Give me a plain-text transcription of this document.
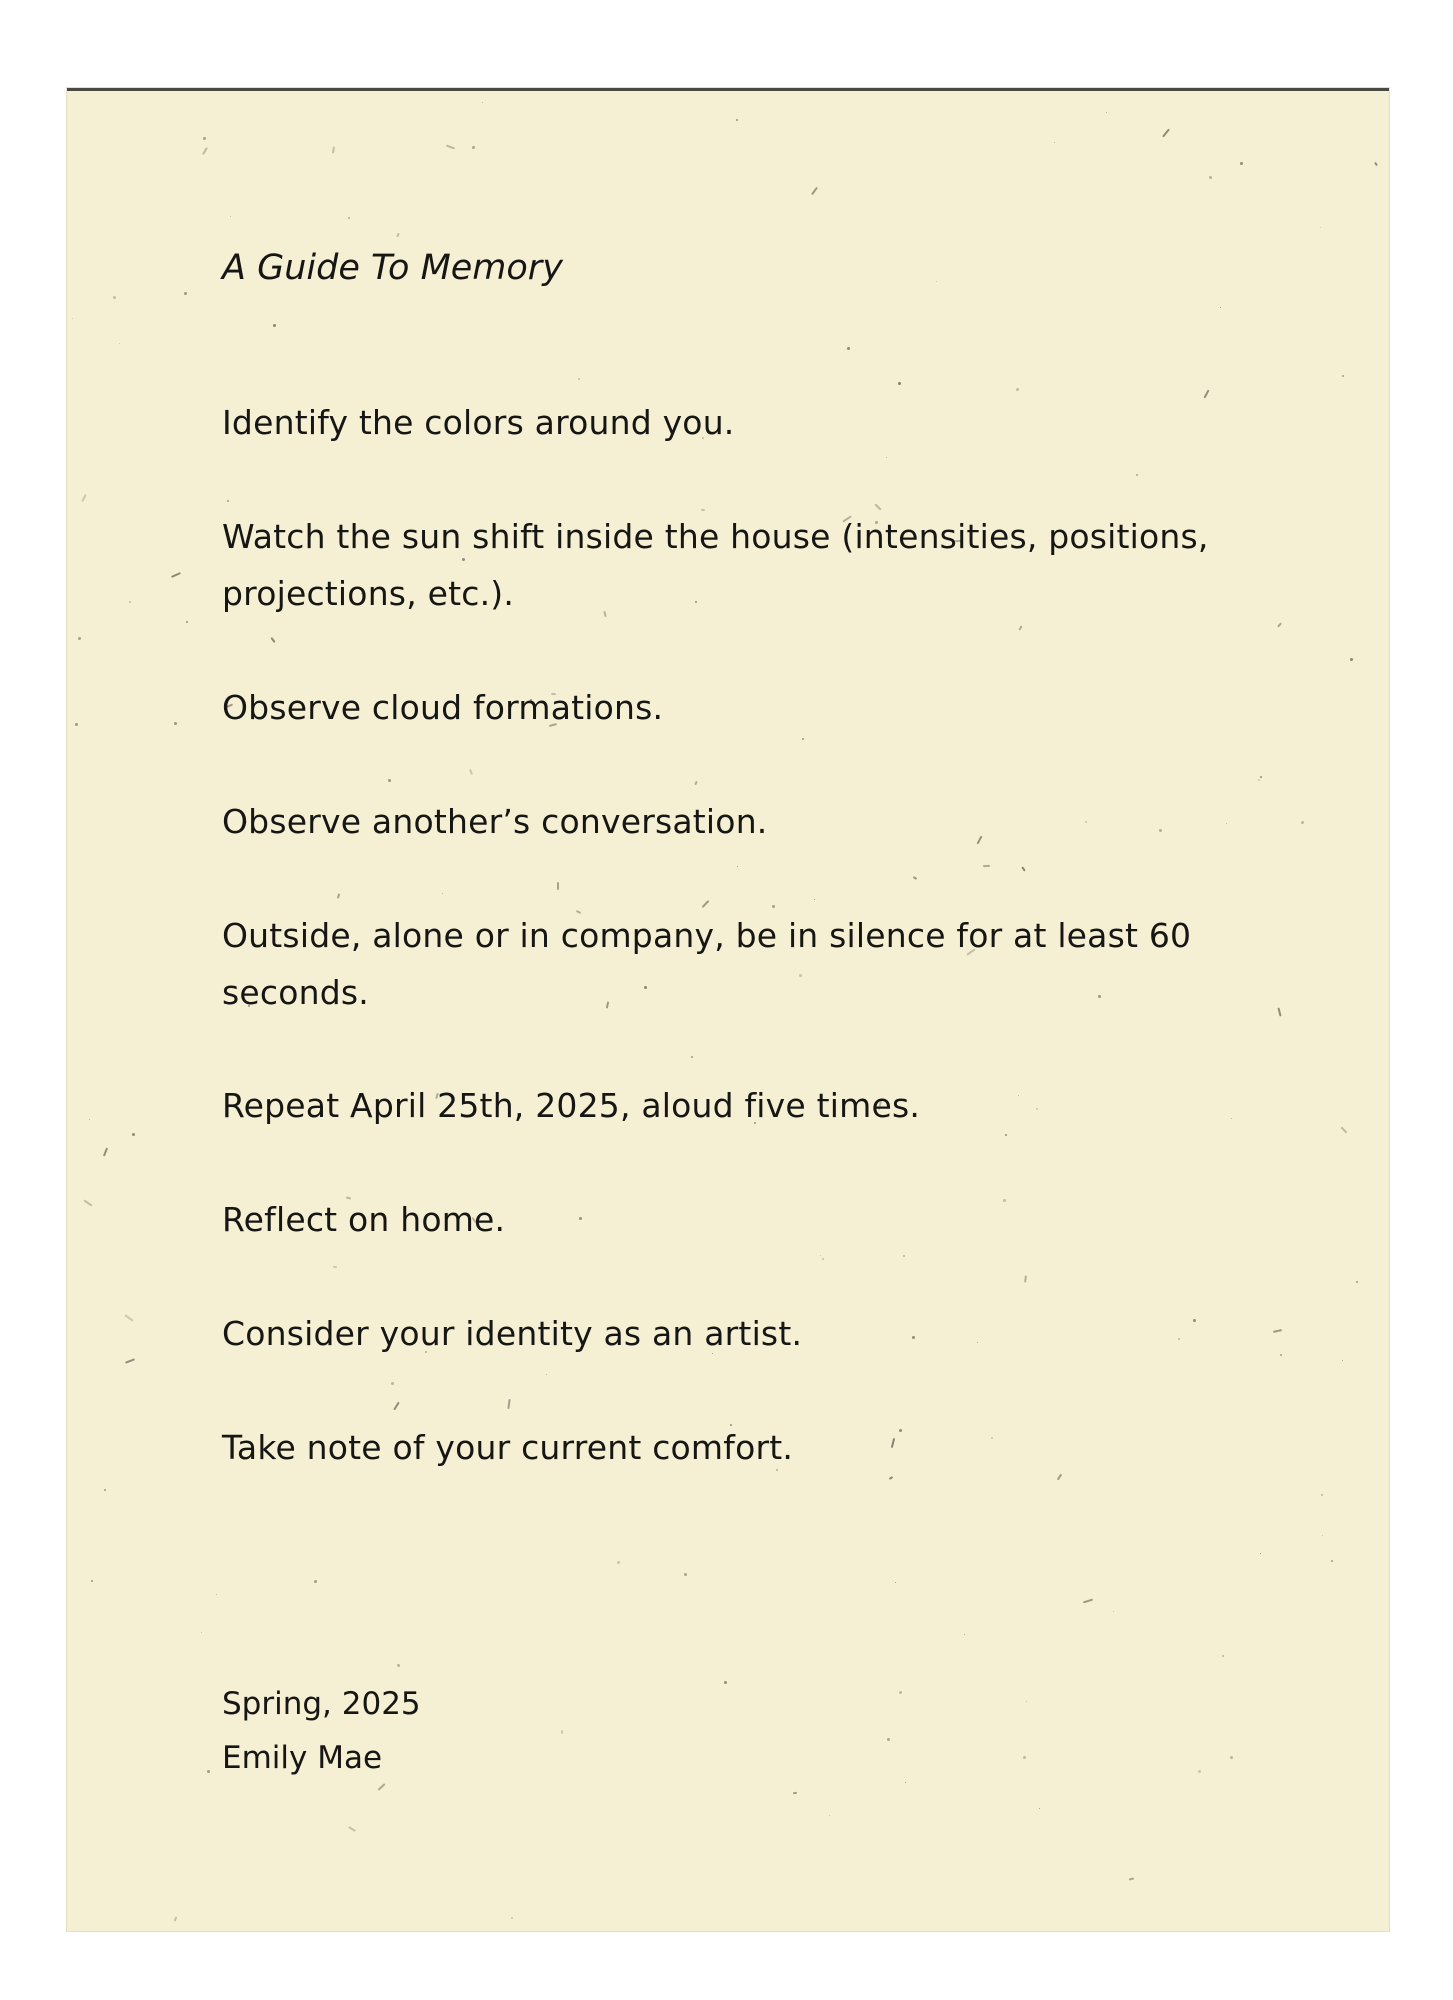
A Guide To Memory
Identify the colors around you.
Watch the sun shift inside the house (intensities, positions, projections, etc.).
Observe cloud formations.
Observe another’s conversation.
Outside, alone or in company, be in silence for at least 60 seconds.
Repeat April 25th, 2025, aloud five times.
Reflect on home.
Consider your identity as an artist.
Take note of your current comfort.
Spring, 2025
Emily Mae
